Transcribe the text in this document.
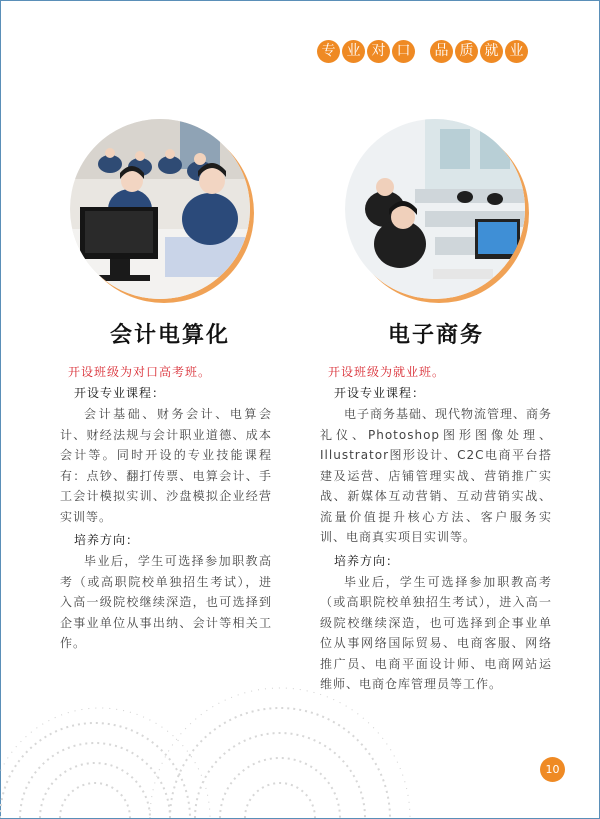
专 业 对 口	品 质 就 业
会计电算化

开设班级为对口高考班。

开设专业课程：

会计基础、财务会计、电算会计、财经法规与会计职业道德、成本会计等。同时开设的专业技能课程有：点钞、翻打传票、电算会计、手工会计模拟实训、沙盘模拟企业经营实训等。

培养方向：

毕业后，学生可选择参加职教高考（或高职院校单独招生考试），进入高一级院校继续深造，也可选择到企事业单位从事出纳、会计等相关工作。

电子商务

开设班级为就业班。

开设专业课程：

电子商务基础、现代物流管理、商务礼仪、Photoshop图形图像处理、Illustrator图形设计、C2C电商平台搭建及运营、店铺管理实战、营销推广实战、新媒体互动营销、互动营销实战、流量价值提升核心方法、客户服务实训、电商真实项目实训等。

培养方向：

毕业后，学生可选择参加职教高考（或高职院校单独招生考试），进入高一级院校继续深造，也可选择到企事业单位从事网络国际贸易、电商客服、网络推广员、电商平面设计师、电商网站运维师、电商仓库管理员等工作。

10
